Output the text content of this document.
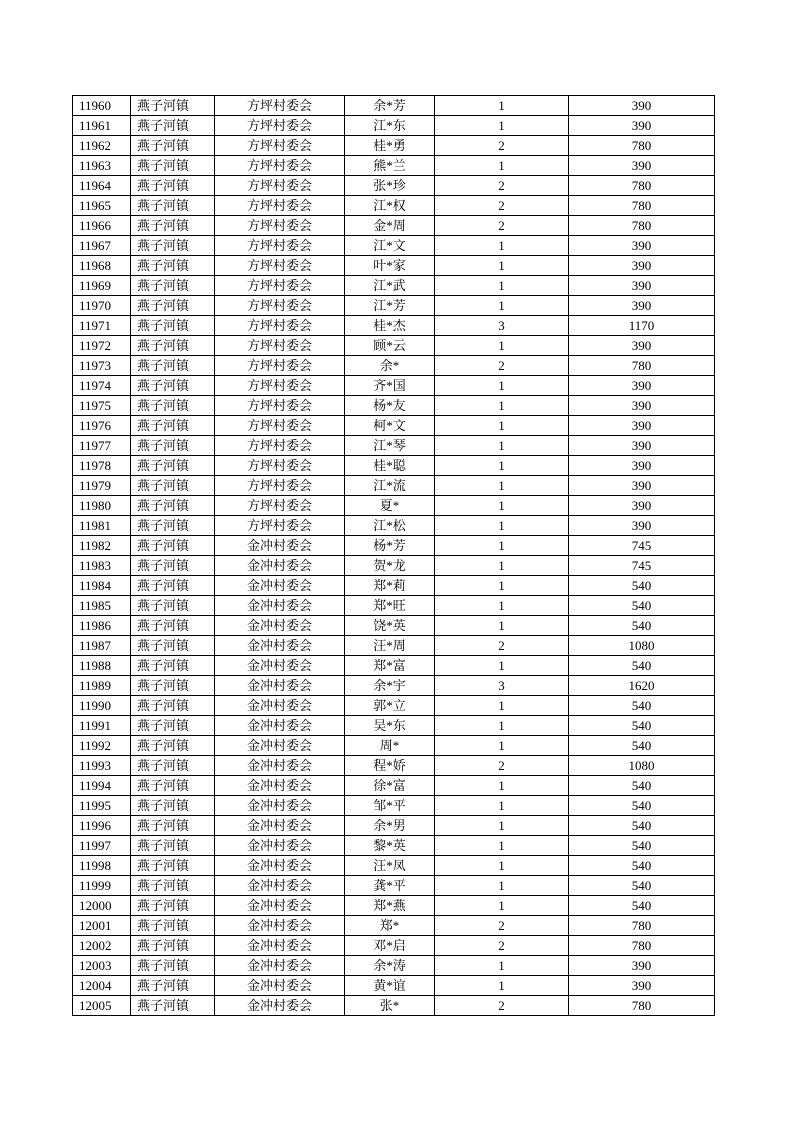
11960	燕子河镇	方坪村委会	余*芳	1	390
11961	燕子河镇	方坪村委会	江*东	1	390
11962	燕子河镇	方坪村委会	桂*勇	2	780
11963	燕子河镇	方坪村委会	熊*兰	1	390
11964	燕子河镇	方坪村委会	张*珍	2	780
11965	燕子河镇	方坪村委会	江*权	2	780
11966	燕子河镇	方坪村委会	金*周	2	780
11967	燕子河镇	方坪村委会	江*文	1	390
11968	燕子河镇	方坪村委会	叶*家	1	390
11969	燕子河镇	方坪村委会	江*武	1	390
11970	燕子河镇	方坪村委会	江*芳	1	390
11971	燕子河镇	方坪村委会	桂*杰	3	1170
11972	燕子河镇	方坪村委会	顾*云	1	390
11973	燕子河镇	方坪村委会	余*	2	780
11974	燕子河镇	方坪村委会	齐*国	1	390
11975	燕子河镇	方坪村委会	杨*友	1	390
11976	燕子河镇	方坪村委会	柯*文	1	390
11977	燕子河镇	方坪村委会	江*琴	1	390
11978	燕子河镇	方坪村委会	桂*聪	1	390
11979	燕子河镇	方坪村委会	江*流	1	390
11980	燕子河镇	方坪村委会	夏*	1	390
11981	燕子河镇	方坪村委会	江*松	1	390
11982	燕子河镇	金冲村委会	杨*芳	1	745
11983	燕子河镇	金冲村委会	贺*龙	1	745
11984	燕子河镇	金冲村委会	郑*莉	1	540
11985	燕子河镇	金冲村委会	郑*旺	1	540
11986	燕子河镇	金冲村委会	饶*英	1	540
11987	燕子河镇	金冲村委会	汪*周	2	1080
11988	燕子河镇	金冲村委会	郑*富	1	540
11989	燕子河镇	金冲村委会	余*宇	3	1620
11990	燕子河镇	金冲村委会	郭*立	1	540
11991	燕子河镇	金冲村委会	吴*东	1	540
11992	燕子河镇	金冲村委会	周*	1	540
11993	燕子河镇	金冲村委会	程*娇	2	1080
11994	燕子河镇	金冲村委会	徐*富	1	540
11995	燕子河镇	金冲村委会	邹*平	1	540
11996	燕子河镇	金冲村委会	余*男	1	540
11997	燕子河镇	金冲村委会	黎*英	1	540
11998	燕子河镇	金冲村委会	汪*凤	1	540
11999	燕子河镇	金冲村委会	龚*平	1	540
12000	燕子河镇	金冲村委会	郑*燕	1	540
12001	燕子河镇	金冲村委会	郑*	2	780
12002	燕子河镇	金冲村委会	邓*启	2	780
12003	燕子河镇	金冲村委会	余*涛	1	390
12004	燕子河镇	金冲村委会	黄*谊	1	390
12005	燕子河镇	金冲村委会	张*	2	780
